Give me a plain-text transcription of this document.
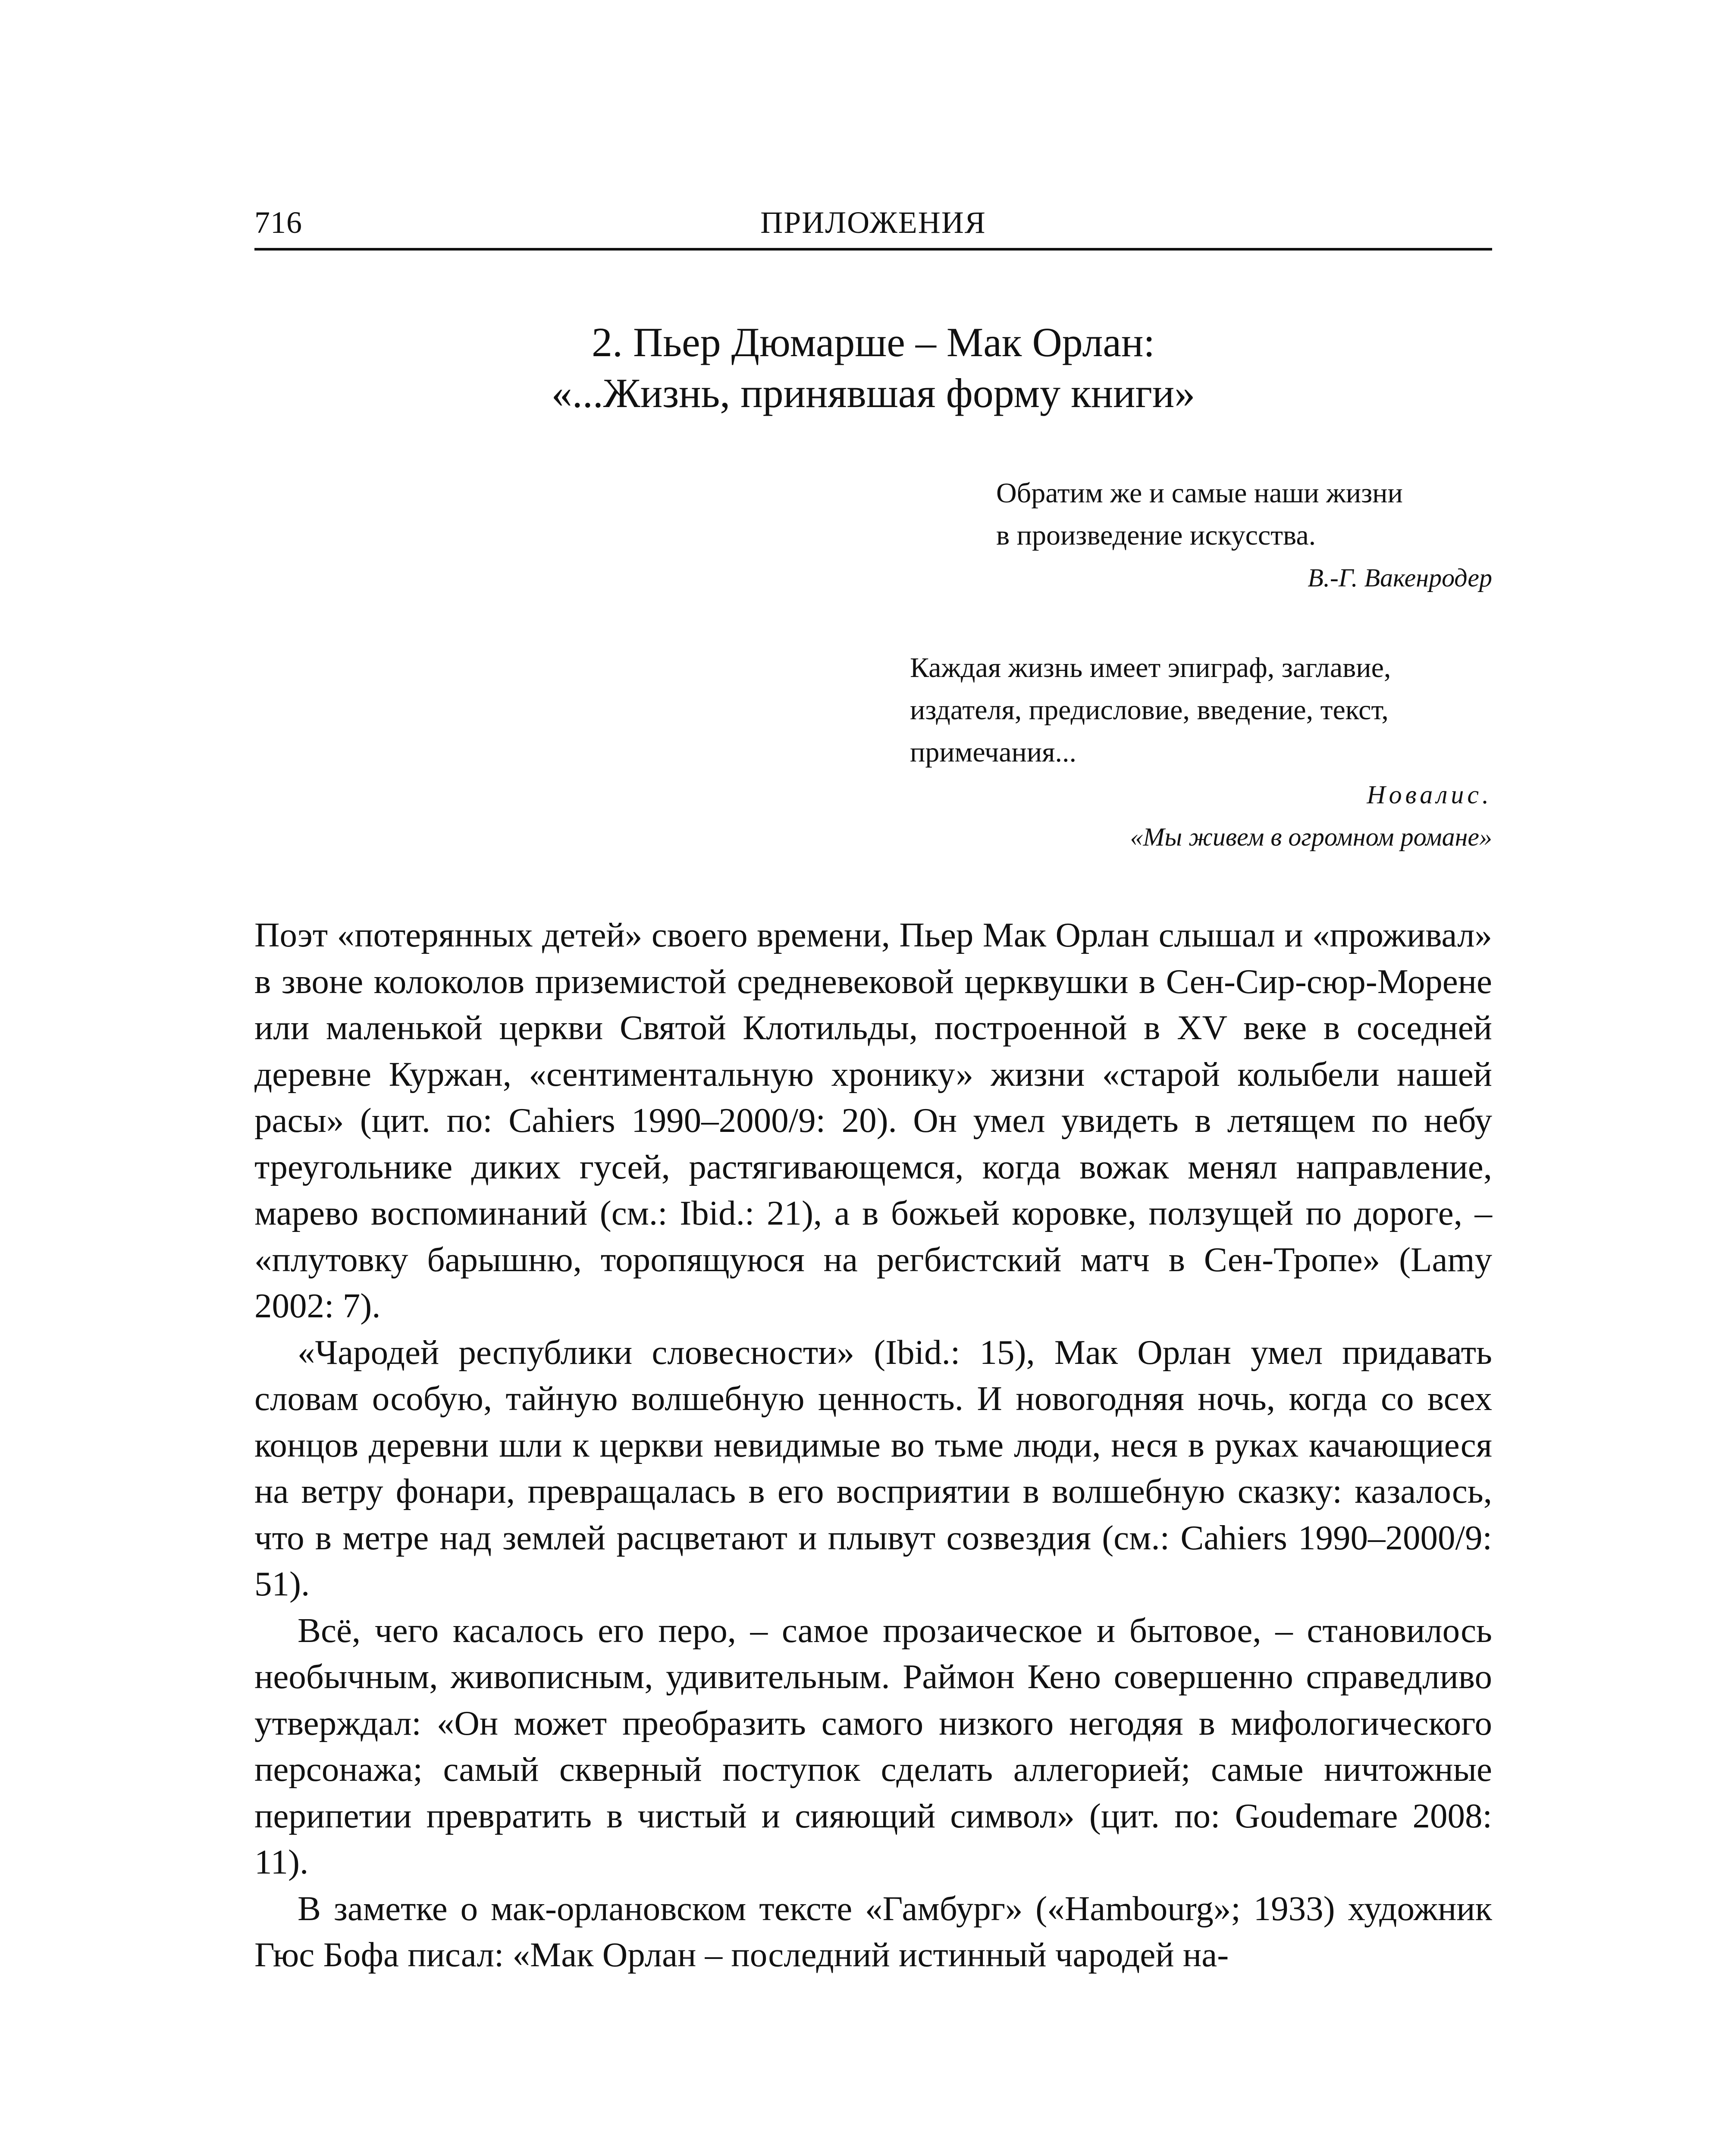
716	ПРИЛОЖЕНИЯ
2. Пьер Дюмарше – Мак Орлан:
«...Жизнь, принявшая форму книги»
Обратим же и самые наши жизни
в произведение искусства.
В.-Г. Вакенродер
Каждая жизнь имеет эпиграф, заглавие,
издателя, предисловие, введение, текст,
примечания...
Новалис.
«Мы живем в огромном романе»

Поэт «потерянных детей» своего времени, Пьер Мак Орлан слышал и «проживал» в звоне колоколов приземистой средневековой церквушки в Сен-Сир-сюр-Морене или маленькой церкви Святой Клотильды, построенной в XV веке в соседней деревне Куржан, «сентиментальную хронику» жизни «старой колыбели нашей расы» (цит. по: Cahiers 1990–2000/9: 20). Он умел увидеть в летящем по небу треугольнике диких гусей, растягивающемся, когда вожак менял направление, марево воспоминаний (см.: Ibid.: 21), а в божьей коровке, ползущей по дороге, – «плутовку барышню, торопящуюся на регбистский матч в Сен-Тропе» (Lamy 2002: 7).

«Чародей республики словесности» (Ibid.: 15), Мак Орлан умел придавать словам особую, тайную волшебную ценность. И новогодняя ночь, когда со всех концов деревни шли к церкви невидимые во тьме люди, неся в руках качающиеся на ветру фонари, превращалась в его восприятии в волшебную сказку: казалось, что в метре над землей расцветают и плывут созвездия (см.: Cahiers 1990–2000/9: 51).

Всё, чего касалось его перо, – самое прозаическое и бытовое, – становилось необычным, живописным, удивительным. Раймон Кено совершенно справедливо утверждал: «Он может преобразить самого низкого негодяя в мифологического персонажа; самый скверный поступок сделать аллегорией; самые ничтожные перипетии превратить в чистый и сияющий символ» (цит. по: Goudemare 2008: 11).

В заметке о мак-орлановском тексте «Гамбург» («Hambourg»; 1933) художник Гюс Бофа писал: «Мак Орлан – последний истинный чародей на-
